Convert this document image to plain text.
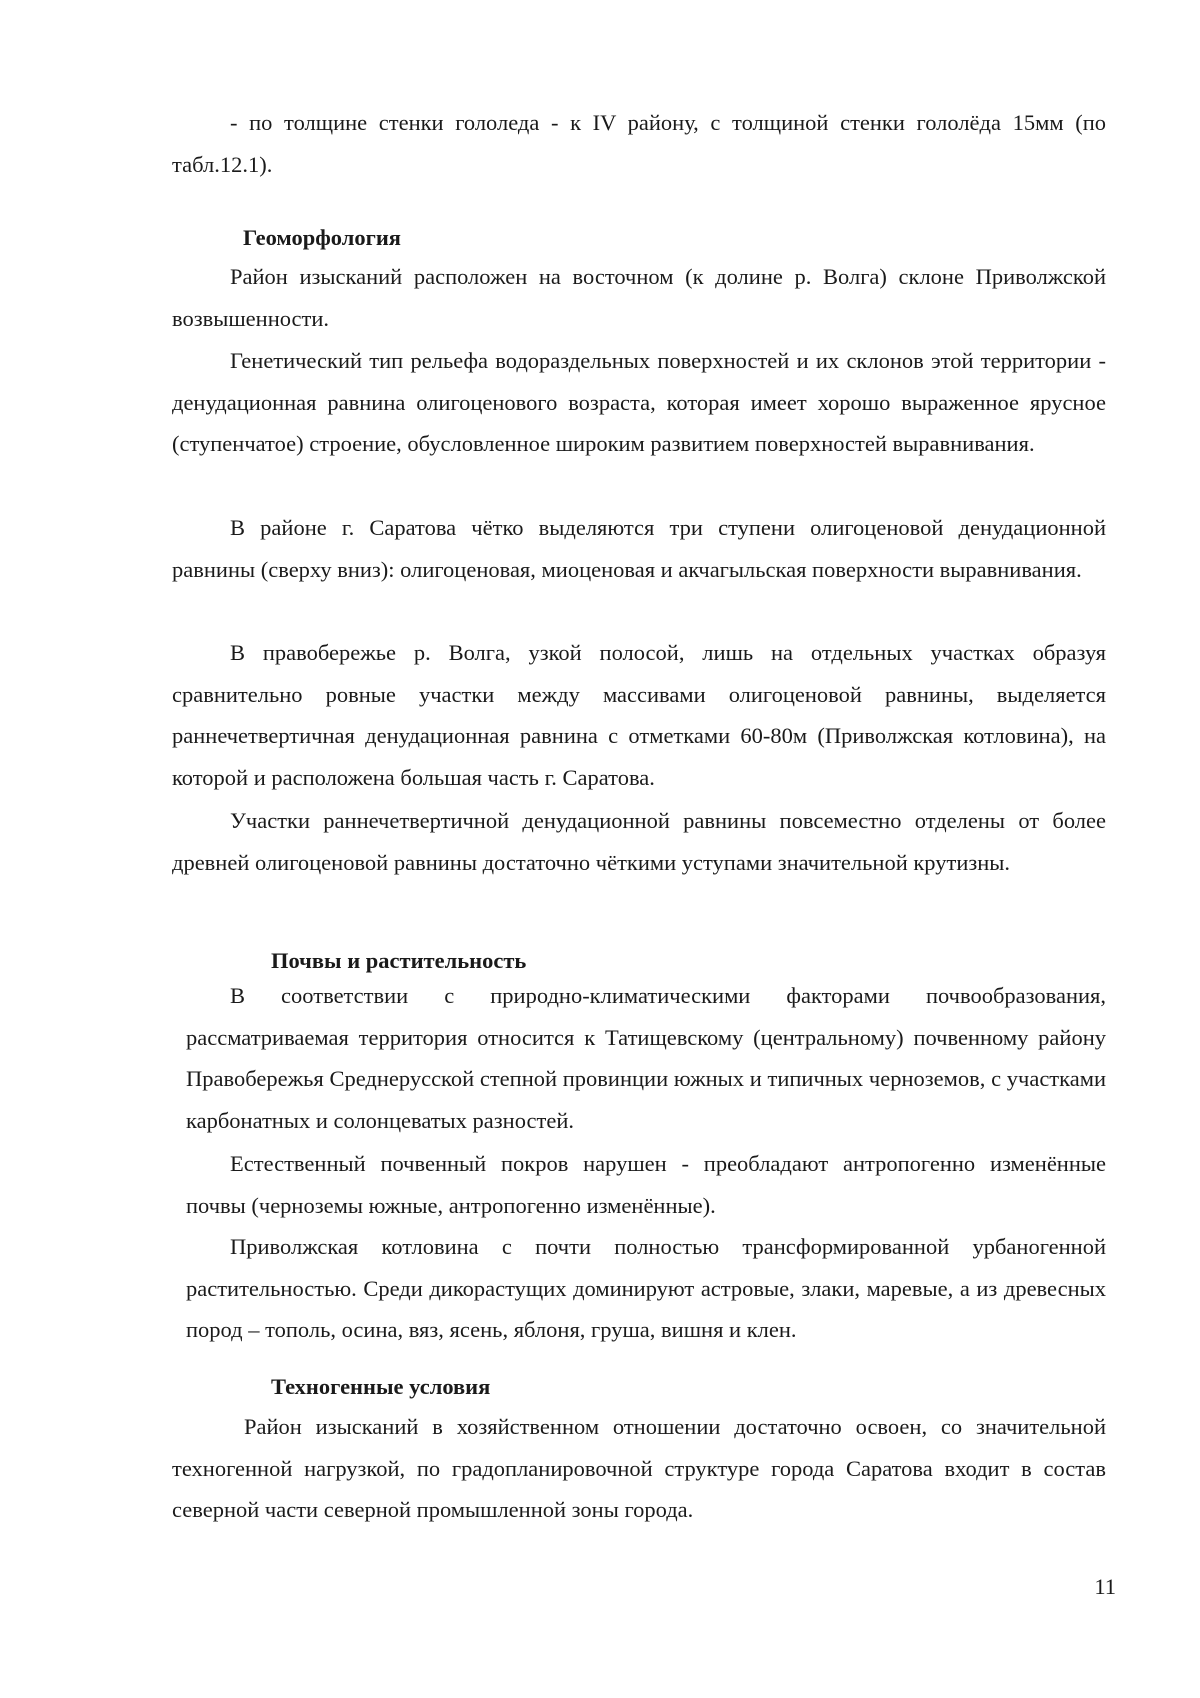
- по толщине стенки гололеда - к IV району, с толщиной стенки гололёда 15мм (по табл.12.1).

Геоморфология

Район изысканий расположен на восточном (к долине р. Волга) склоне Приволжской возвышенности.

Генетический тип рельефа водораздельных поверхностей и их склонов этой территории - денудационная равнина олигоценового возраста, которая имеет хорошо выраженное ярусное (ступенчатое) строение, обусловленное широким развитием поверхностей выравнивания.

В районе г. Саратова чётко выделяются три ступени олигоценовой денудационной равнины (сверху вниз): олигоценовая, миоценовая и акчагыльская поверхности выравнивания.

В правобережье р. Волга, узкой полосой, лишь на отдельных участках образуя сравнительно ровные участки между массивами олигоценовой равнины, выделяется раннечетвертичная денудационная равнина с отметками 60-80м (Приволжская котловина), на которой и расположена большая часть г. Саратова.

Участки раннечетвертичной денудационной равнины повсеместно отделены от более древней олигоценовой равнины достаточно чёткими уступами значительной крутизны.

Почвы и растительность

В соответствии с природно-климатическими факторами почвообразования, рассматриваемая территория относится к Татищевскому (центральному) почвенному району Правобережья Среднерусской степной провинции южных и типичных черноземов, с участками карбонатных и солонцеватых разностей.

Естественный почвенный покров нарушен - преобладают антропогенно изменённые почвы (черноземы южные, антропогенно изменённые).

Приволжская котловина с почти полностью трансформированной урбаногенной растительностью. Среди дикорастущих доминируют астровые, злаки, маревые, а из древесных пород – тополь, осина, вяз, ясень, яблоня, груша, вишня и клен.

Техногенные условия

Район изысканий в хозяйственном отношении достаточно освоен, со значительной техногенной нагрузкой, по градопланировочной структуре города Саратова входит в состав северной части северной промышленной зоны города.

11
